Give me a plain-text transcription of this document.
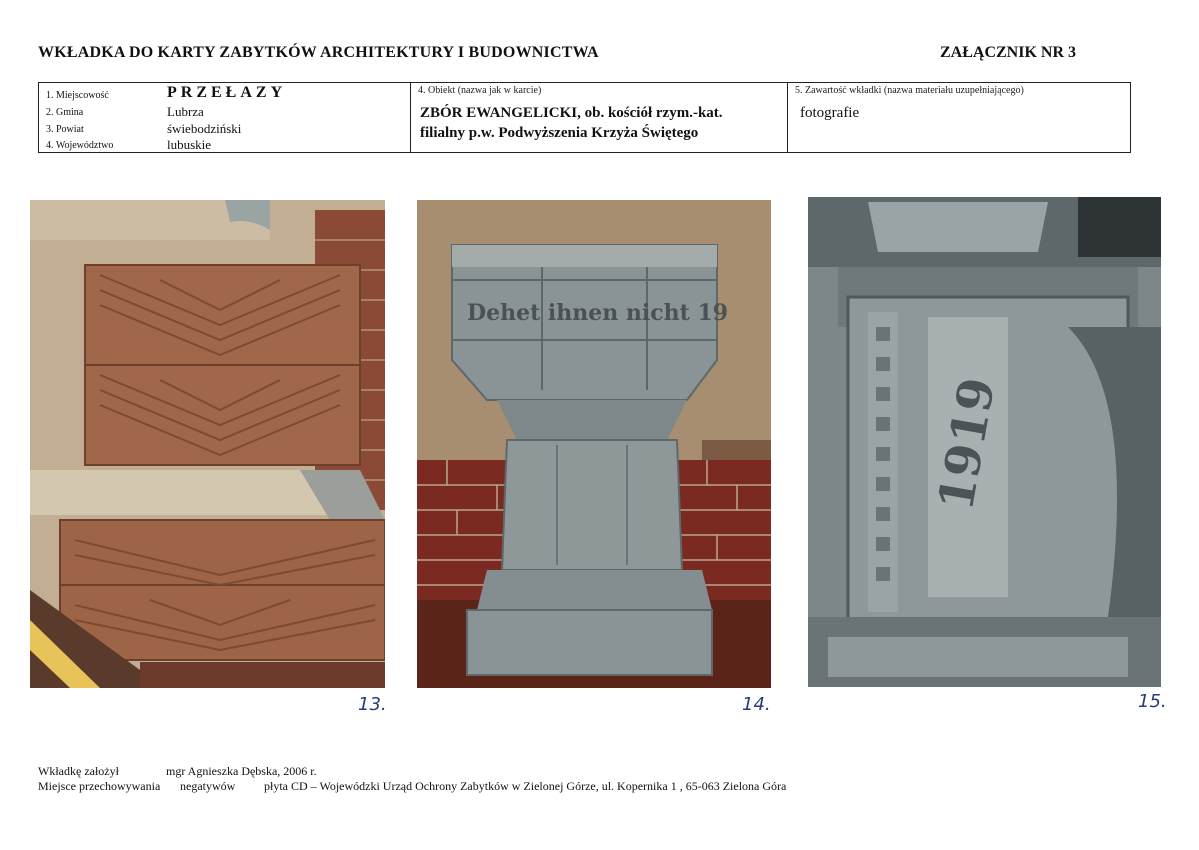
WKŁADKA DO KARTY ZABYTKÓW ARCHITEKTURY I BUDOWNICTWA	ZAŁĄCZNIK NR 3
1. Miejscowość	PRZEŁAZY
2. Gmina	Lubrza
3. Powiat	świebodziński
4. Województwo	lubuskie
4. Obiekt (nazwa jak w karcie)
ZBÓR EWANGELICKI, ob. kościół rzym.-kat.
filialny p.w. Podwyższenia Krzyża Świętego
5. Zawartość wkładki (nazwa materiału uzupełniającego)
fotografie
13.
Dehet ihnen nicht 19
14.
1919
15.
Wkładkę założył	mgr Agnieszka Dębska, 2006 r.
Miejsce przechowywania negatywów płyta CD – Wojewódzki Urząd Ochrony Zabytków w Zielonej Górze, ul. Kopernika 1 , 65-063 Zielona Góra
